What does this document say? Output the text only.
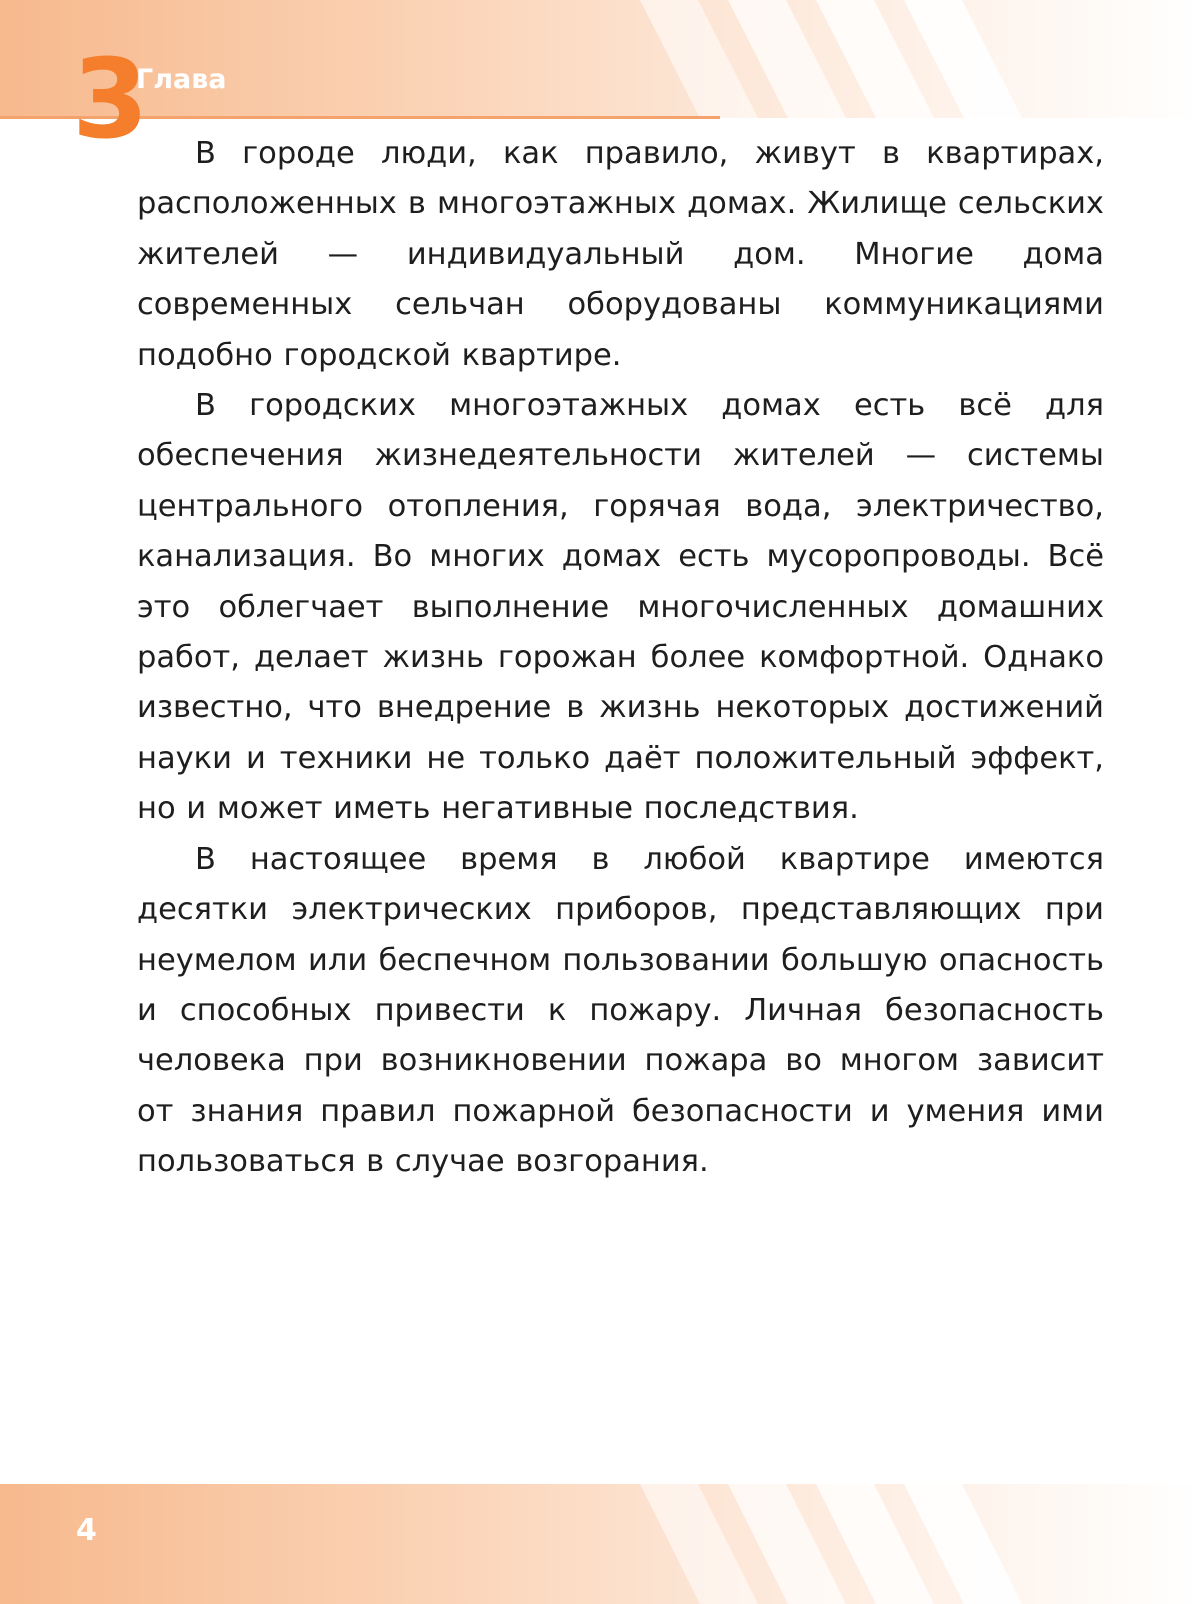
3
Глава

В городе люди, как правило, живут в квартирах, расположенных в многоэтажных домах. Жилище сельских жителей — индивидуальный дом. Многие дома современных сельчан оборудованы коммуникациями подобно городской квартире.

В городских многоэтажных домах есть всё для обеспечения жизнедеятельности жителей — системы центрального отопления, горячая вода, электричество, канализация. Во многих домах есть мусоропроводы. Всё это облегчает выполнение многочисленных домашних работ, делает жизнь горожан более комфортной. Однако известно, что внедрение в жизнь некоторых достижений науки и техники не только даёт положительный эффект, но и может иметь негативные последствия.

В настоящее время в любой квартире имеются десятки электрических приборов, представляющих при неумелом или беспечном пользовании большую опасность и способных привести к пожару. Личная безопасность человека при возникновении пожара во многом зависит от знания правил пожарной безопасности и умения ими пользоваться в случае возгорания.

4
